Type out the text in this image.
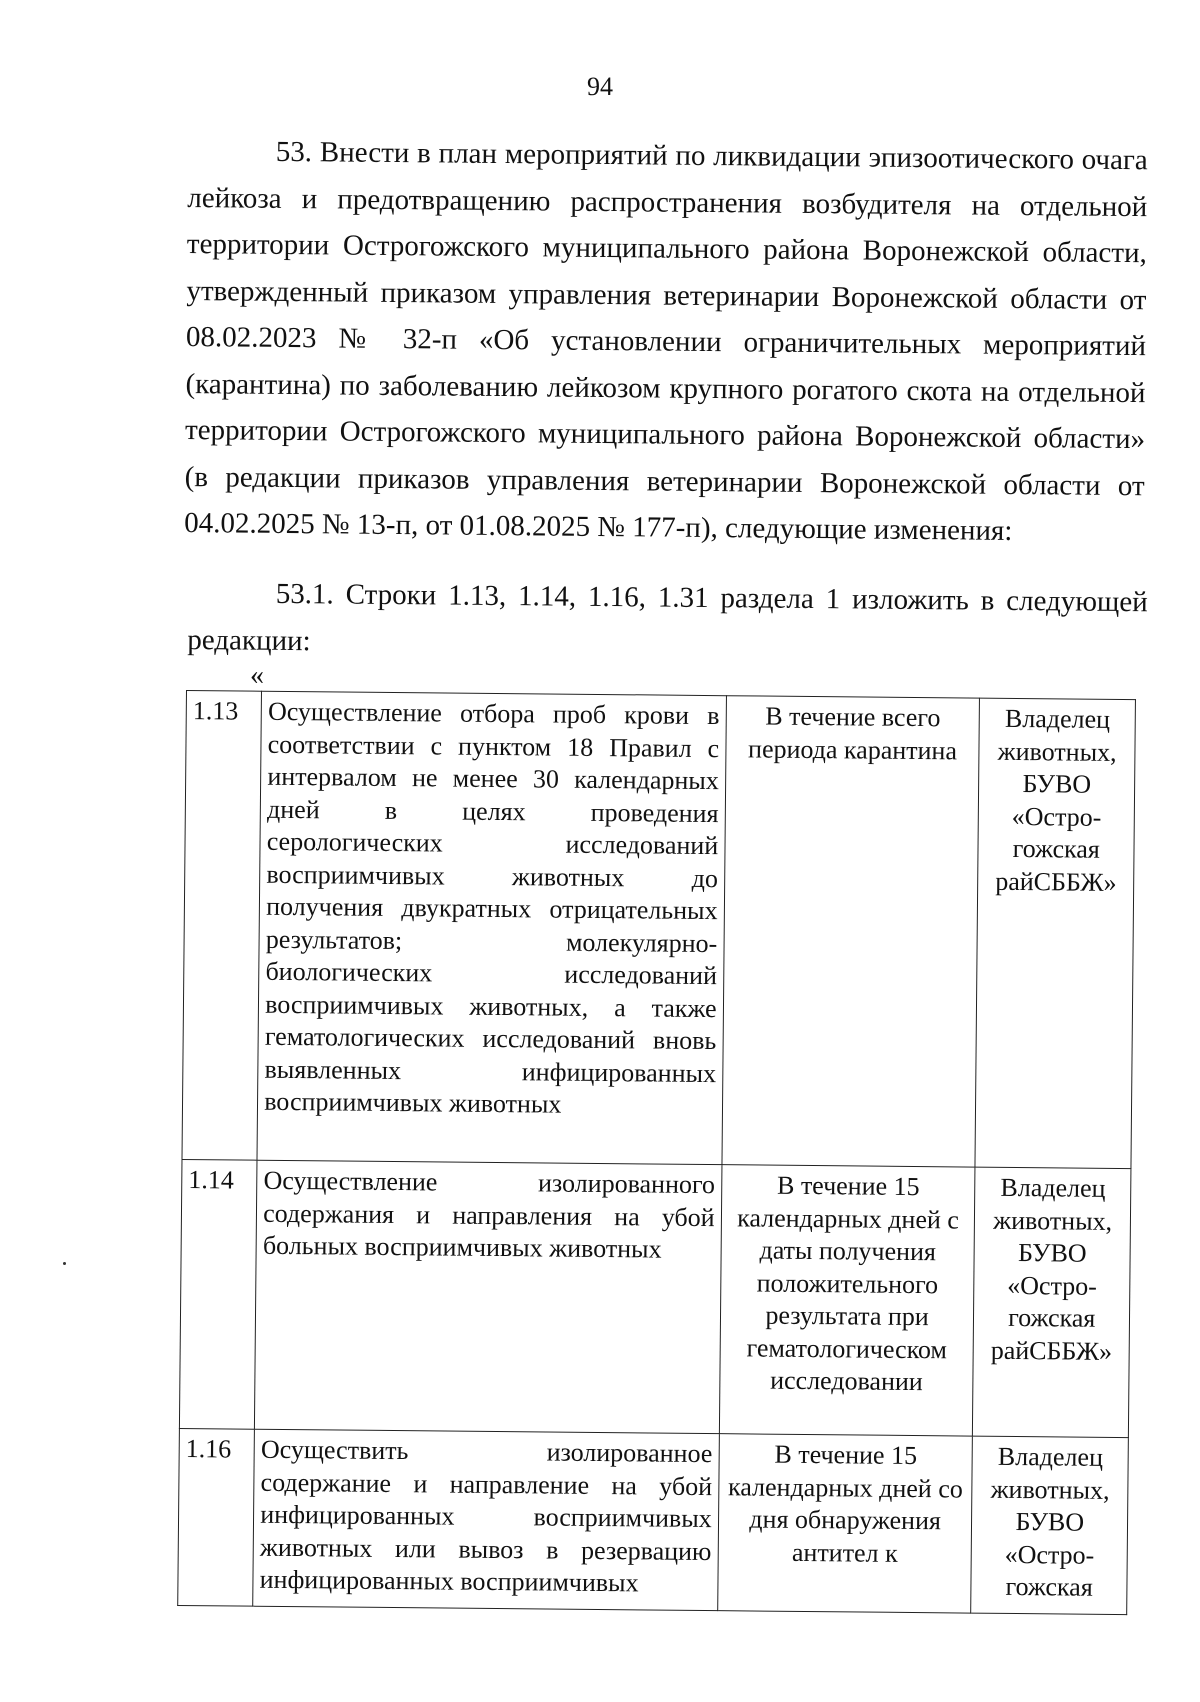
94
53. Внести в план мероприятий по ликвидации эпизоотического очага лейкоза и предотвращению распространения возбудителя на отдельной территории Острогожского муниципального района Воронежской области, утвержденный приказом управления ветеринарии Воронежской области от 08.02.2023 № 32-п «Об установлении ограничительных мероприятий (карантина) по заболеванию лейкозом крупного рогатого скота на отдельной территории Острогожского муниципального района Воронежской области» (в редакции приказов управления ветеринарии Воронежской области от 04.02.2025 № 13-п, от 01.08.2025 № 177-п), следующие изменения:
53.1. Строки 1.13, 1.14, 1.16, 1.31 раздела 1 изложить в следующей редакции:
«
1.13	Осуществление отбора проб крови в соответствии с пунктом 18 Правил с интервалом не менее 30 календарных дней в целях проведения серологических исследований восприимчивых животных до получения двукратных отрицательных результатов; молекулярно-биологических исследований восприимчивых животных, а также гематологических исследований вновь выявленных инфицированных восприимчивых животных	В течение всего периода карантина	Владелец животных, БУВО «Остро-гожская райСББЖ»
1.14	Осуществление изолированного содержания и направления на убой больных восприимчивых животных	В течение 15 календарных дней с даты получения положительного результата при гематологическом исследовании	Владелец животных, БУВО «Остро-гожская райСББЖ»
1.16	Осуществить изолированное содержание и направление на убой инфицированных восприимчивых животных или вывоз в резервацию инфицированных восприимчивых	В течение 15 календарных дней со дня обнаружения антител к	Владелец животных, БУВО «Остро-гожская
